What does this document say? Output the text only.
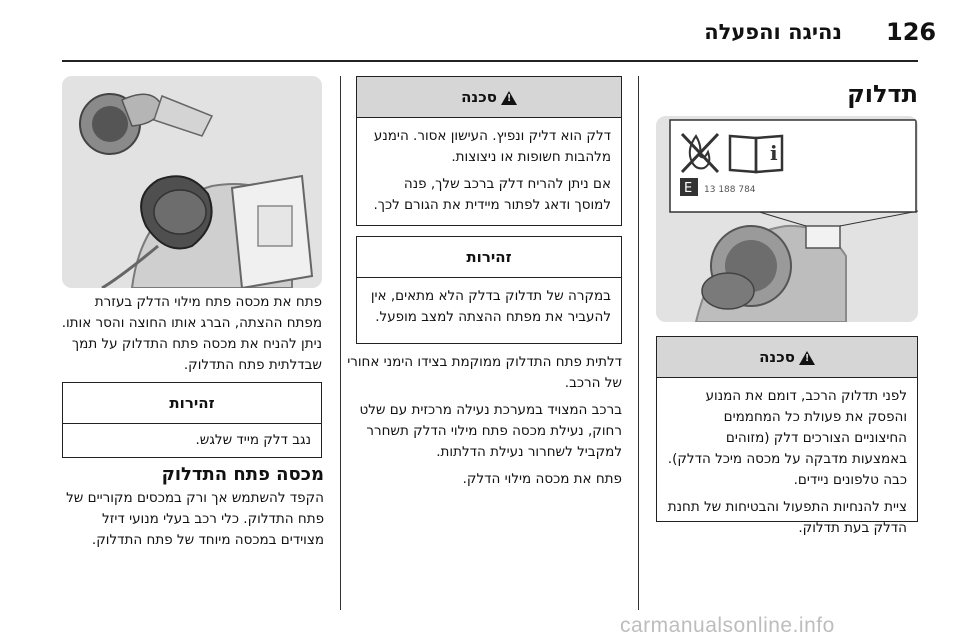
126
נהיגה והפעלה
תדלוק
i
E 13 188 784
!
סכנה

לפני תדלוק הרכב, דומם את המנוע והפסק את פעולת כל המחממים החיצוניים הצורכים דלק (מזוהים באמצעות מדבקה על מכסה מיכל הדלק). כבה טלפונים ניידים.

ציית להנחיות התפעול והבטיחות של תחנת הדלק בעת תדלוק.

!
סכנה

דלק הוא דליק ונפיץ. העישון אסור. הימנע מלהבות חשופות או ניצוצות.

אם ניתן להריח דלק ברכב שלך, פנה למוסך ודאג לפתור מיידית את הגורם לכך.

זהירות
במקרה של תדלוק בדלק הלא מתאים, אין להעביר את מפתח ההצתה למצב מופעל.

דלתית פתח התדלוק ממוקמת בצידו הימני אחורי של הרכב.

ברכב המצויד במערכת נעילה מרכזית עם שלט רחוק, נעילת מכסה פתח מילוי הדלק תשחרר למקביל לשחרור נעילת הדלתות.

פתח את מכסה מילוי הדלק.

פתח את מכסה פתח מילוי הדלק בעזרת מפתח ההצתה, הברג אותו החוצה והסר אותו. ניתן להניח את מכסה פתח התדלוק על תמך שבדלתית פתח התדלוק.
זהירות
נגב דלק מייד שלגש.
מכסה פתח התדלוק
הקפד להשתמש אך ורק במכסים מקוריים של פתח התדלוק. כלי רכב בעלי מנועי דיזל מצוידים במכסה מיוחד של פתח התדלוק.
carmanualsonline.info
